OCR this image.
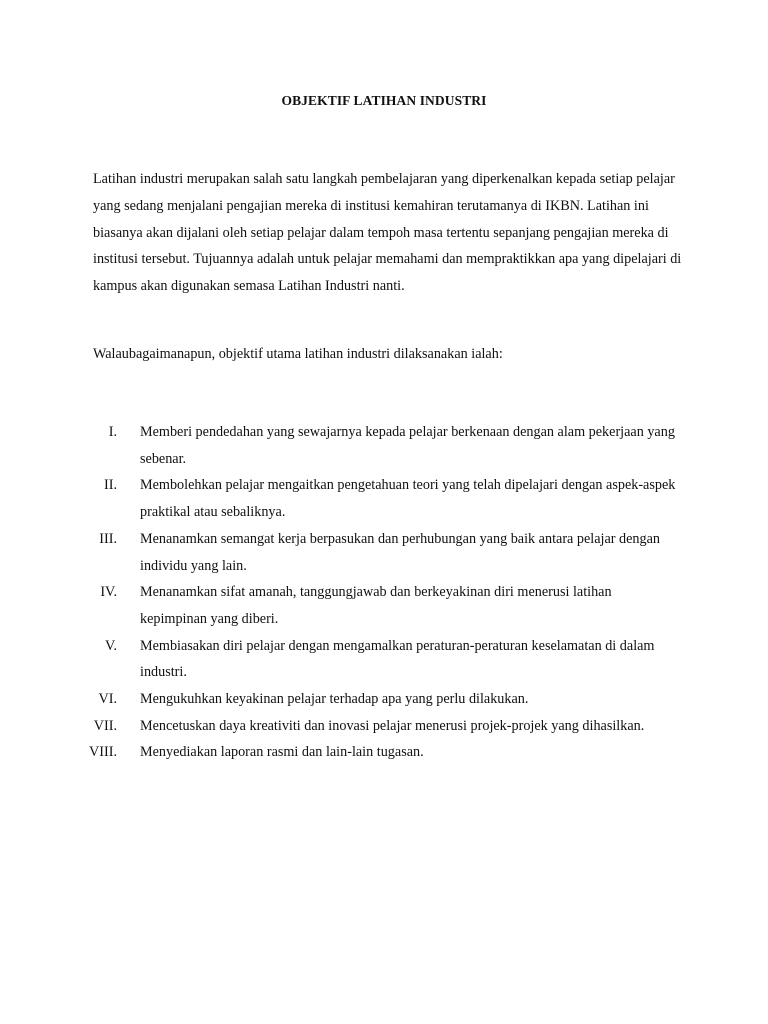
OBJEKTIF LATIHAN INDUSTRI

Latihan industri merupakan salah satu langkah pembelajaran yang diperkenalkan kepada setiap pelajar yang sedang menjalani pengajian mereka di institusi kemahiran terutamanya di IKBN. Latihan ini biasanya akan dijalani oleh setiap pelajar dalam tempoh masa tertentu sepanjang pengajian mereka di institusi tersebut. Tujuannya adalah untuk pelajar memahami dan mempraktikkan apa yang dipelajari di kampus akan digunakan semasa Latihan Industri nanti.

Walaubagaimanapun, objektif utama latihan industri dilaksanakan ialah:

I. Memberi pendedahan yang sewajarnya kepada pelajar berkenaan dengan alam pekerjaan yang sebenar.
II. Membolehkan pelajar mengaitkan pengetahuan teori yang telah dipelajari dengan aspek-aspek praktikal atau sebaliknya.
III. Menanamkan semangat kerja berpasukan dan perhubungan yang baik antara pelajar dengan individu yang lain.
IV. Menanamkan sifat amanah, tanggungjawab dan berkeyakinan diri menerusi latihan kepimpinan yang diberi.
V. Membiasakan diri pelajar dengan mengamalkan peraturan-peraturan keselamatan di dalam industri.
VI. Mengukuhkan keyakinan pelajar terhadap apa yang perlu dilakukan.
VII. Mencetuskan daya kreativiti dan inovasi pelajar menerusi projek-projek yang dihasilkan.
VIII. Menyediakan laporan rasmi dan lain-lain tugasan.
